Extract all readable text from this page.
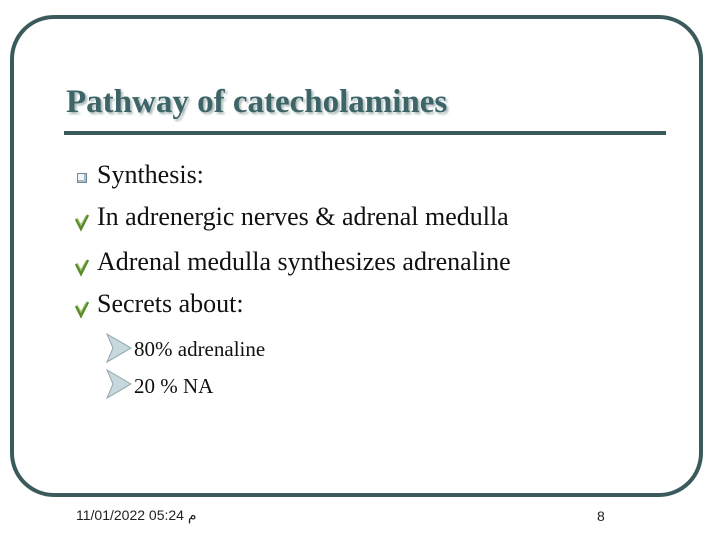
Pathway of catecholamines
Synthesis:
In adrenergic nerves & adrenal medulla
Adrenal medulla synthesizes adrenaline
Secrets about:
80% adrenaline
20 % NA
م 05:24 11/01/2022	8
